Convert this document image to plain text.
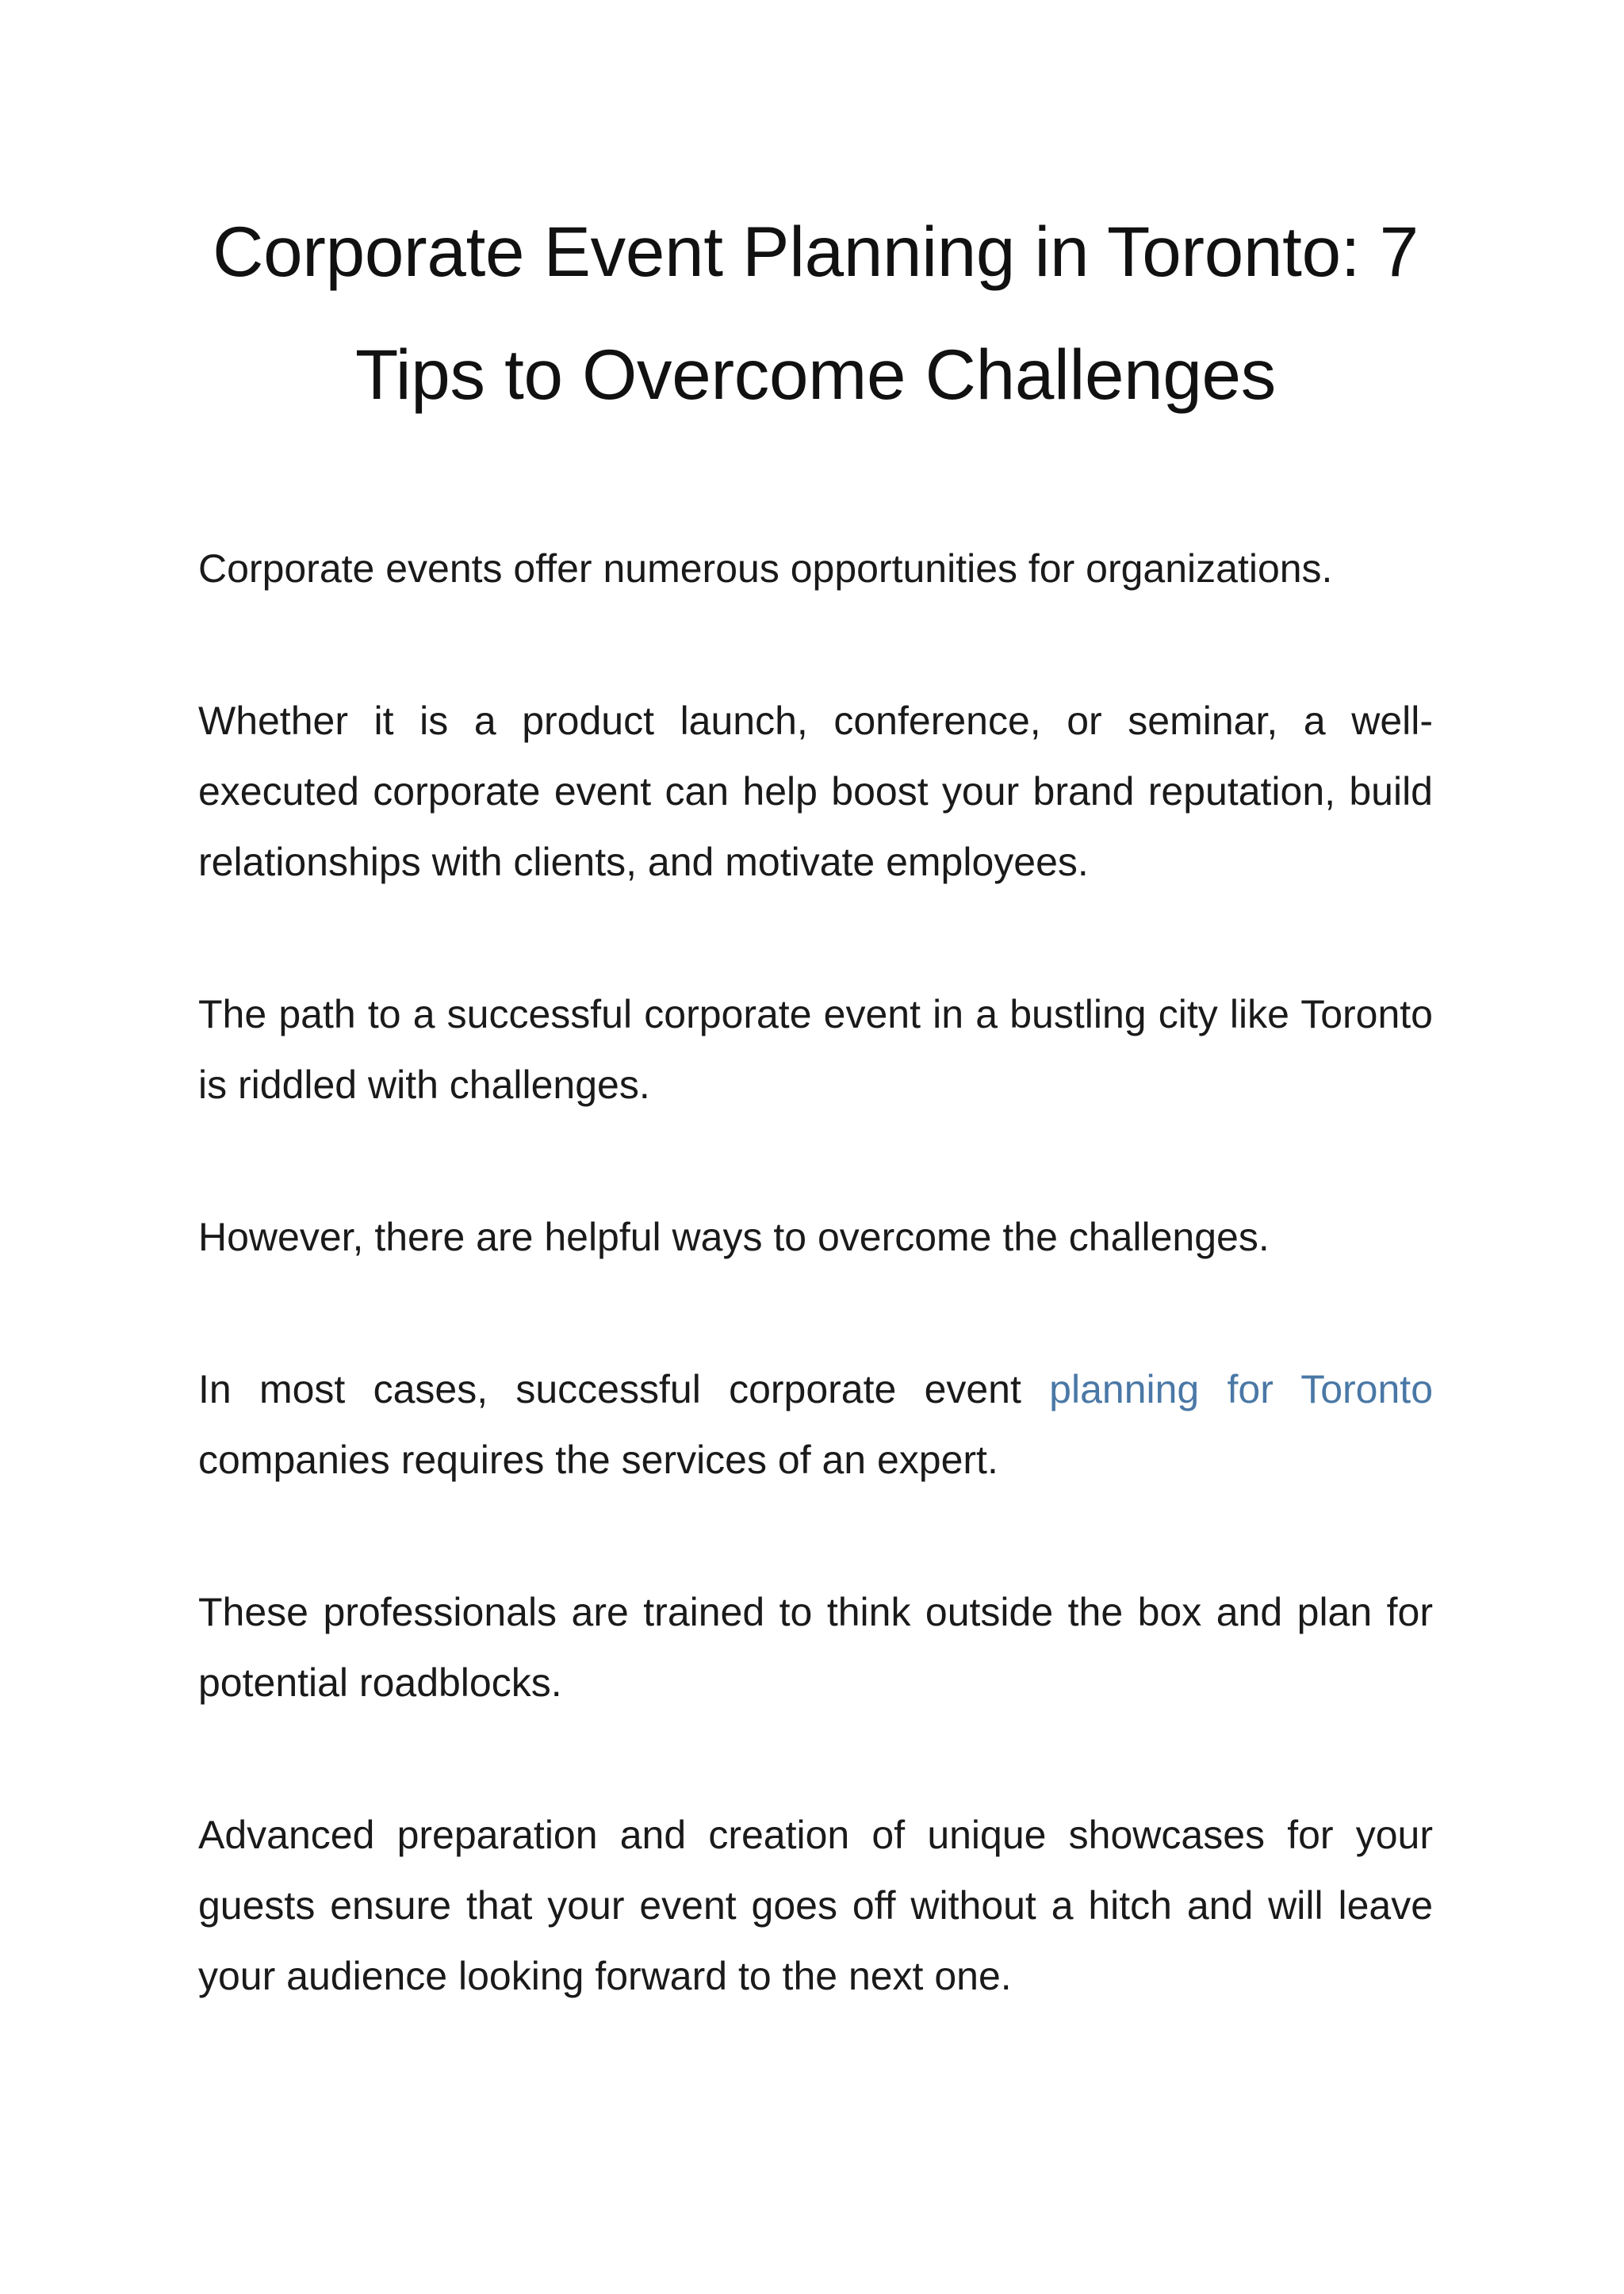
Corporate Event Planning in Toronto: 7 Tips to Overcome Challenges

Corporate events offer numerous opportunities for organizations.

Whether it is a product launch, conference, or seminar, a well-executed corporate event can help boost your brand reputation, build relationships with clients, and motivate employees.

The path to a successful corporate event in a bustling city like Toronto is riddled with challenges.

However, there are helpful ways to overcome the challenges.

In most cases, successful corporate event planning for Toronto companies requires the services of an expert.

These professionals are trained to think outside the box and plan for potential roadblocks.

Advanced preparation and creation of unique showcases for your guests ensure that your event goes off without a hitch and will leave your audience looking forward to the next one.
